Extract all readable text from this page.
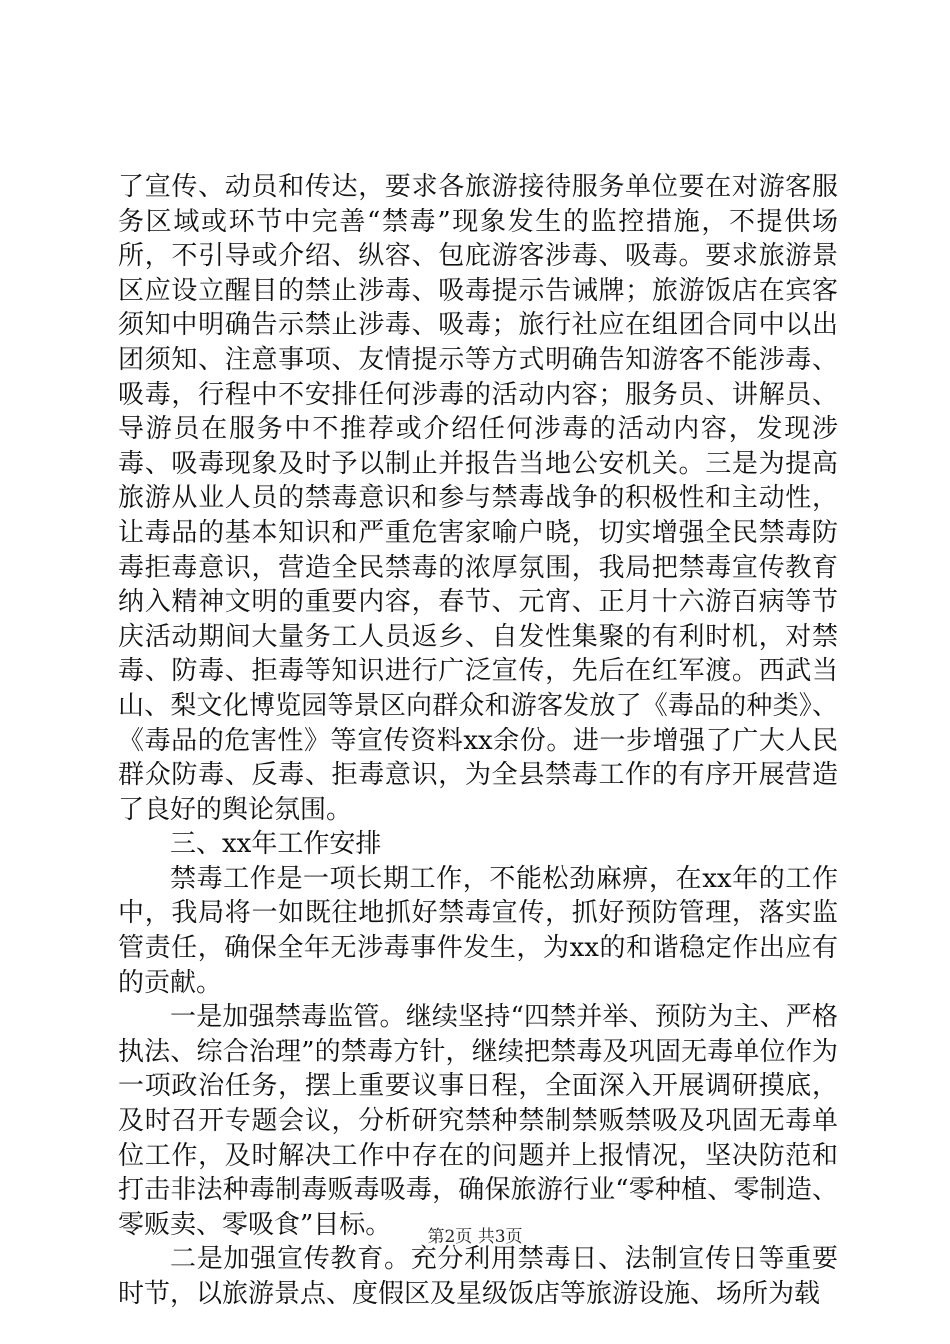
了宣传、动员和传达，要求各旅游接待服务单位要在对游客服务区域或环节中完善“禁毒”现象发生的监控措施，不提供场所，不引导或介绍、纵容、包庇游客涉毒、吸毒。要求旅游景区应设立醒目的禁止涉毒、吸毒提示告诫牌；旅游饭店在宾客须知中明确告示禁止涉毒、吸毒；旅行社应在组团合同中以出团须知、注意事项、友情提示等方式明确告知游客不能涉毒、吸毒，行程中不安排任何涉毒的活动内容；服务员、讲解员、导游员在服务中不推荐或介绍任何涉毒的活动内容，发现涉毒、吸毒现象及时予以制止并报告当地公安机关。三是为提高旅游从业人员的禁毒意识和参与禁毒战争的积极性和主动性，让毒品的基本知识和严重危害家喻户晓，切实增强全民禁毒防毒拒毒意识，营造全民禁毒的浓厚氛围，我局把禁毒宣传教育纳入精神文明的重要内容，春节、元宵、正月十六游百病等节庆活动期间大量务工人员返乡、自发性集聚的有利时机，对禁毒、防毒、拒毒等知识进行广泛宣传，先后在红军渡。西武当山、梨文化博览园等景区向群众和游客发放了《毒品的种类》、《毒品的危害性》等宣传资料xx余份。进一步增强了广大人民群众防毒、反毒、拒毒意识，为全县禁毒工作的有序开展营造了良好的舆论氛围。

三、xx年工作安排

禁毒工作是一项长期工作，不能松劲麻痹，在xx年的工作中，我局将一如既往地抓好禁毒宣传，抓好预防管理，落实监管责任，确保全年无涉毒事件发生，为xx的和谐稳定作出应有的贡献。

一是加强禁毒监管。继续坚持“四禁并举、预防为主、严格执法、综合治理”的禁毒方针，继续把禁毒及巩固无毒单位作为一项政治任务，摆上重要议事日程，全面深入开展调研摸底，及时召开专题会议，分析研究禁种禁制禁贩禁吸及巩固无毒单位工作，及时解决工作中存在的问题并上报情况，坚决防范和打击非法种毒制毒贩毒吸毒，确保旅游行业“零种植、零制造、零贩卖、零吸食”目标。

二是加强宣传教育。充分利用禁毒日、法制宣传日等重要时节，以旅游景点、度假区及星级饭店等旅游设施、场所为载

第2页 共3页
